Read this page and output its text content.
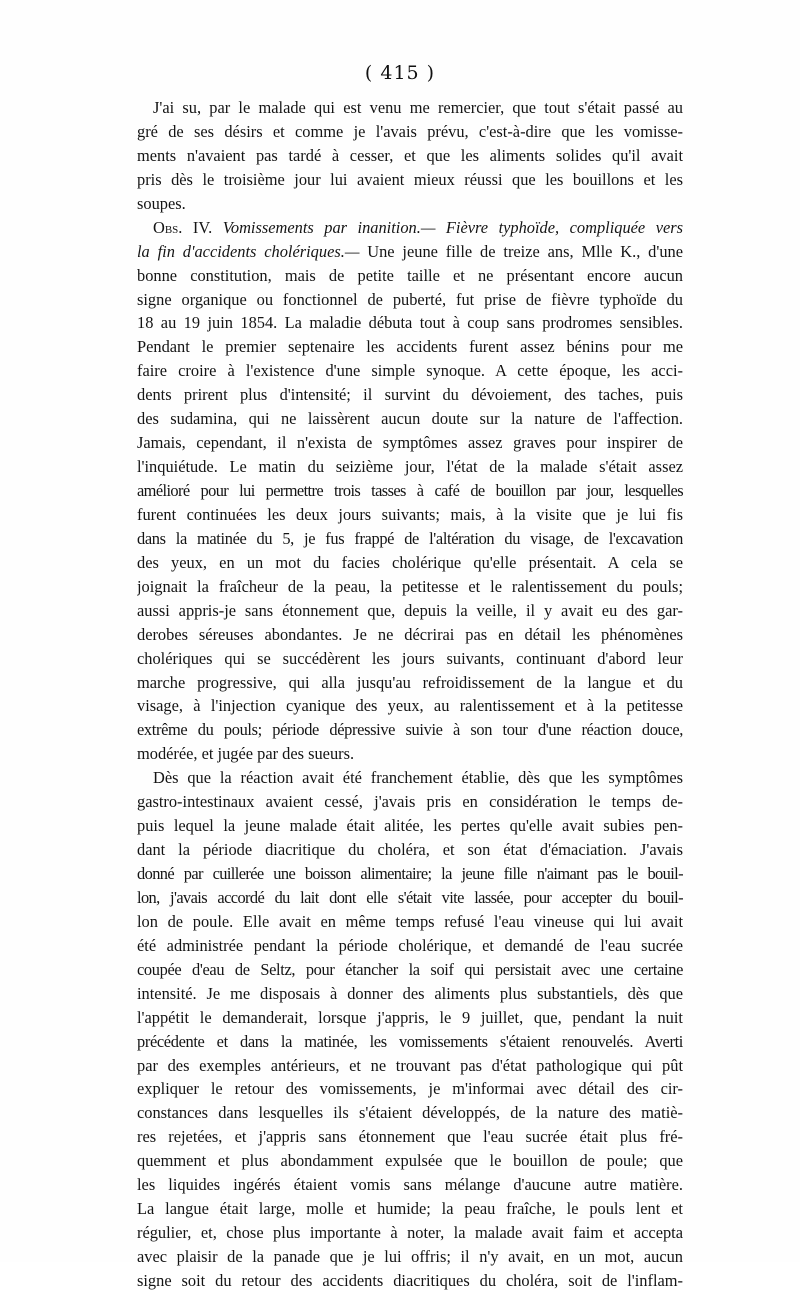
( 415 )
J'ai su, par le malade qui est venu me remercier, que tout s'était passé au
gré de ses désirs et comme je l'avais prévu, c'est-à-dire que les vomisse-
ments n'avaient pas tardé à cesser, et que les aliments solides qu'il avait
pris dès le troisième jour lui avaient mieux réussi que les bouillons et les
soupes.
Obs. IV. Vomissements par inanition.— Fièvre typhoïde, compliquée vers
la fin d'accidents cholériques.— Une jeune fille de treize ans, Mlle K., d'une
bonne constitution, mais de petite taille et ne présentant encore aucun
signe organique ou fonctionnel de puberté, fut prise de fièvre typhoïde du
18 au 19 juin 1854. La maladie débuta tout à coup sans prodromes sensibles.
Pendant le premier septenaire les accidents furent assez bénins pour me
faire croire à l'existence d'une simple synoque. A cette époque, les acci-
dents prirent plus d'intensité; il survint du dévoiement, des taches, puis
des sudamina, qui ne laissèrent aucun doute sur la nature de l'affection.
Jamais, cependant, il n'exista de symptômes assez graves pour inspirer de
l'inquiétude. Le matin du seizième jour, l'état de la malade s'était assez
amélioré pour lui permettre trois tasses à café de bouillon par jour, lesquelles
furent continuées les deux jours suivants; mais, à la visite que je lui fis
dans la matinée du 5, je fus frappé de l'altération du visage, de l'excavation
des yeux, en un mot du facies cholérique qu'elle présentait. A cela se
joignait la fraîcheur de la peau, la petitesse et le ralentissement du pouls;
aussi appris-je sans étonnement que, depuis la veille, il y avait eu des gar-
derobes séreuses abondantes. Je ne décrirai pas en détail les phénomènes
cholériques qui se succédèrent les jours suivants, continuant d'abord leur
marche progressive, qui alla jusqu'au refroidissement de la langue et du
visage, à l'injection cyanique des yeux, au ralentissement et à la petitesse
extrême du pouls; période dépressive suivie à son tour d'une réaction douce,
modérée, et jugée par des sueurs.
Dès que la réaction avait été franchement établie, dès que les symptômes
gastro-intestinaux avaient cessé, j'avais pris en considération le temps de-
puis lequel la jeune malade était alitée, les pertes qu'elle avait subies pen-
dant la période diacritique du choléra, et son état d'émaciation. J'avais
donné par cuillerée une boisson alimentaire; la jeune fille n'aimant pas le bouil-
lon, j'avais accordé du lait dont elle s'était vite lassée, pour accepter du bouil-
lon de poule. Elle avait en même temps refusé l'eau vineuse qui lui avait
été administrée pendant la période cholérique, et demandé de l'eau sucrée
coupée d'eau de Seltz, pour étancher la soif qui persistait avec une certaine
intensité. Je me disposais à donner des aliments plus substantiels, dès que
l'appétit le demanderait, lorsque j'appris, le 9 juillet, que, pendant la nuit
précédente et dans la matinée, les vomissements s'étaient renouvelés. Averti
par des exemples antérieurs, et ne trouvant pas d'état pathologique qui pût
expliquer le retour des vomissements, je m'informai avec détail des cir-
constances dans lesquelles ils s'étaient développés, de la nature des matiè-
res rejetées, et j'appris sans étonnement que l'eau sucrée était plus fré-
quemment et plus abondamment expulsée que le bouillon de poule; que
les liquides ingérés étaient vomis sans mélange d'aucune autre matière.
La langue était large, molle et humide; la peau fraîche, le pouls lent et
régulier, et, chose plus importante à noter, la malade avait faim et accepta
avec plaisir de la panade que je lui offris; il n'y avait, en un mot, aucun
signe soit du retour des accidents diacritiques du choléra, soit de l'inflam-
